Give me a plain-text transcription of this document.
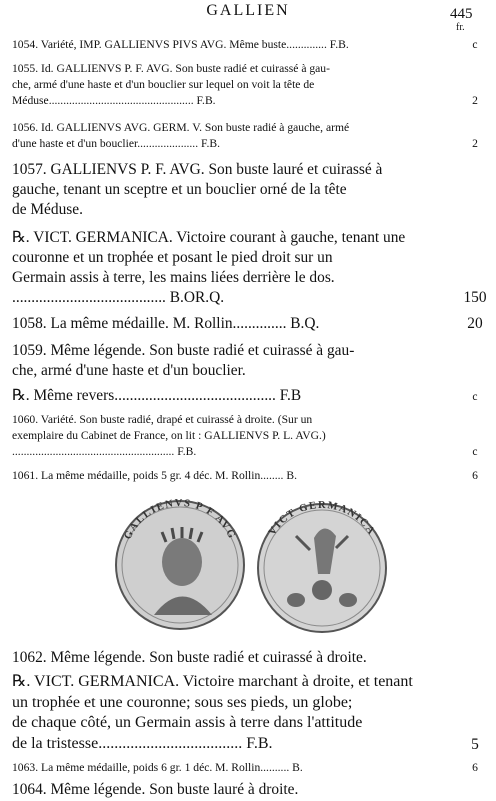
GALLIEN	445
fr.
1054. Variété, IMP. GALLIENVS PIVS AVG. Même buste.............. F.B.	c
1055. Id. GALLIENVS P. F. AVG. Son buste radié et cuirassé à gau-
che, armé d'une haste et d'un bouclier sur lequel on voit la tête de
Méduse.................................................. F.B.	2
1056. Id. GALLIENVS AVG. GERM. V. Son buste radié à gauche, armé
d'une haste et d'un bouclier..................... F.B.	2
1057. GALLIENVS P. F. AVG. Son buste lauré et cuirassé à
gauche, tenant un sceptre et un bouclier orné de la tête
de Méduse.
℞. VICT. GERMANICA. Victoire courant à gauche, tenant une
couronne et un trophée et posant le pied droit sur un
Germain assis à terre, les mains liées derrière le dos.
........................................ B.OR.Q.	150
1058. La même médaille. M. Rollin.............. B.Q.	20
1059. Même légende. Son buste radié et cuirassé à gau-
che, armé d'une haste et d'un bouclier.
℞. Même revers.......................................... F.B	c
1060. Variété. Son buste radié, drapé et cuirassé à droite. (Sur un
exemplaire du Cabinet de France, on lit : GALLIENVS P. L. AVG.)
........................................................ F.B.	c
1061. La même médaille, poids 5 gr. 4 déc. M. Rollin........ B.	6
GALLIENVS P F AVG	VICT GERMANICA
1062. Même légende. Son buste radié et cuirassé à droite.
℞. VICT. GERMANICA. Victoire marchant à droite, et tenant
un trophée et une couronne; sous ses pieds, un globe;
de chaque côté, un Germain assis à terre dans l'attitude
de la tristesse.................................... F.B.	5
1063. La même médaille, poids 6 gr. 1 déc. M. Rollin.......... B.	6
1064. Même légende. Son buste lauré à droite.
